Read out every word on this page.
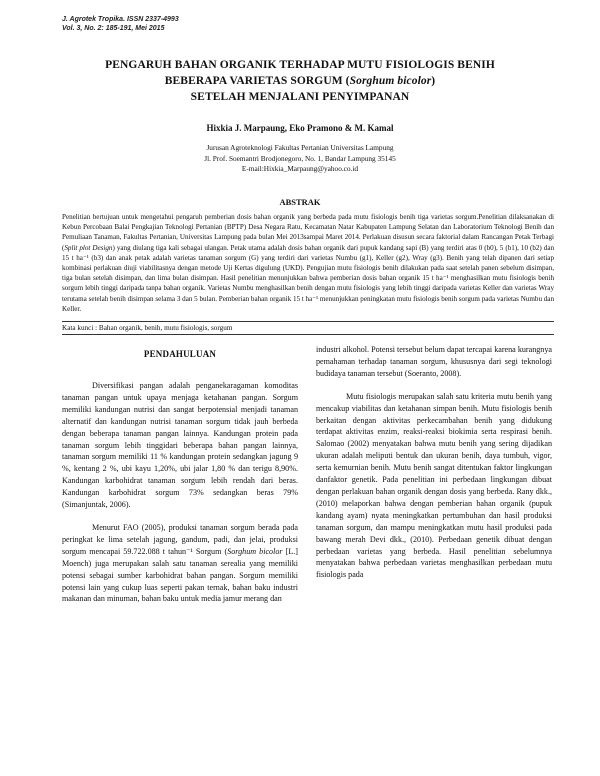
J. Agrotek Tropika. ISSN 2337-4993
Vol. 3, No. 2: 185-191, Mei 2015
PENGARUH BAHAN ORGANIK TERHADAP MUTU FISIOLOGIS BENIH
BEBERAPA VARIETAS SORGUM (Sorghum bicolor)
SETELAH MENJALANI PENYIMPANAN
Hixkia J. Marpaung, Eko Pramono & M. Kamal
Jurusan Agroteknologi Fakultas Pertanian Universitas Lampung
Jl. Prof. Soemantri Brodjonegoro, No. 1, Bandar Lampung 35145
E-mail:Hixkia_Marpaung@yahoo.co.id
ABSTRAK
Penelitian bertujuan untuk mengetahui pengaruh pemberian dosis bahan organik yang berbeda pada mutu fisiologis benih tiga varietas sorgum.Penelitian dilaksanakan di Kebun Percobaan Balai Pengkajian Teknologi Pertanian (BPTP) Desa Negara Ratu, Kecamatan Natar Kabupaten Lampung Selatan dan Laboratorium Teknologi Benih dan Pemuliaan Tanaman, Fakultas Pertanian, Universitas Lampung pada bulan Mei 2013sampai Maret 2014. Perlakuan disusun secara faktorial dalam Rancangan Petak Terbagi (Split plot Design) yang diulang tiga kali sebagai ulangan. Petak utama adalah dosis bahan organik dari pupuk kandang sapi (B) yang terdiri atas 0 (b0), 5 (b1), 10 (b2) dan 15 t ha⁻¹ (b3) dan anak petak adalah varietas tanaman sorgum (G) yang terdiri dari varietas Numbu (g1), Keller (g2), Wray (g3). Benih yang telah dipanen dari setiap kombinasi perlakuan diuji viabilitasnya dengan metode Uji Kertas digulung (UKD). Pengujian mutu fisiologis benih dilakukan pada saat setelah panen sebelum disimpan, tiga bulan setelah disimpan, dan lima bulan disimpan. Hasil penelitian menunjukkan bahwa pemberian dosis bahan organik 15 t ha⁻¹ menghasilkan mutu fisiologis benih sorgum lebih tinggi daripada tanpa bahan organik. Varietas Numbu menghasilkan benih dengan mutu fisiologis yang lebih tinggi daripada varietas Keller dan varietas Wray terutama setelah benih disimpan selama 3 dan 5 bulan. Pemberian bahan organik 15 t ha⁻¹ menunjukkan peningkatan mutu fisiologis benih sorgum pada varietas Numbu dan Keller.
Kata kunci : Bahan organik, benih, mutu fisiologis, sorgum
PENDAHULUAN

Diversifikasi pangan adalah penganekaragaman komoditas tanaman pangan untuk upaya menjaga ketahanan pangan. Sorgum memiliki kandungan nutrisi dan sangat berpotensial menjadi tanaman alternatif dan kandungan nutrisi tanaman sorgum tidak jauh berbeda dengan beberapa tanaman pangan lainnya. Kandungan protein pada tanaman sorgum lebih tinggidari beberapa bahan pangan lainnya, tanaman sorgum memiliki 11 % kandungan protein sedangkan jagung 9 %, kentang 2 %, ubi kayu 1,20%, ubi jalar 1,80 % dan terigu 8,90%. Kandungan karbohidrat tanaman sorgum lebih rendah dari beras. Kandungan karbohidrat sorgum 73% sedangkan beras 79% (Simanjuntak, 2006).

Menurut FAO (2005), produksi tanaman sorgum berada pada peringkat ke lima setelah jagung, gandum, padi, dan jelai, produksi sorgum mencapai 59.722.088 t tahun⁻¹ Sorgum (Sorghum bicolor [L.] Moench) juga merupakan salah satu tanaman serealia yang memiliki potensi sebagai sumber karbohidrat bahan pangan. Sorgum memiliki potensi lain yang cukup luas seperti pakan ternak, bahan baku industri makanan dan minuman, bahan baku untuk media jamur merang dan

industri alkohol. Potensi tersebut belum dapat tercapai karena kurangnya pemahaman terhadap tanaman sorgum, khususnya dari segi teknologi budidaya tanaman tersebut (Soeranto, 2008).

Mutu fisiologis merupakan salah satu kriteria mutu benih yang mencakup viabilitas dan ketahanan simpan benih. Mutu fisiologis benih berkaitan dengan aktivitas perkecambahan benih yang didukung terdapat aktivitas enzim, reaksi-reaksi biokimia serta respirasi benih. Salomao (2002) menyatakan bahwa mutu benih yang sering dijadikan ukuran adalah meliputi bentuk dan ukuran benih, daya tumbuh, vigor, serta kemurnian benih. Mutu benih sangat ditentukan faktor lingkungan danfaktor genetik. Pada penelitian ini perbedaan lingkungan dibuat dengan perlakuan bahan organik dengan dosis yang berbeda. Rany dkk., (2010) melaporkan bahwa dengan pemberian bahan organik (pupuk kandang ayam) nyata meningkatkan pertumbuhan dan hasil produksi tanaman sorgum, dan mampu meningkatkan mutu hasil produksi pada bawang merah Devi dkk., (2010). Perbedaan genetik dibuat dengan perbedaan varietas yang berbeda. Hasil penelitian sebelumnya menyatakan bahwa perbedaan varietas menghasilkan perbedaan mutu fisiologis pada
